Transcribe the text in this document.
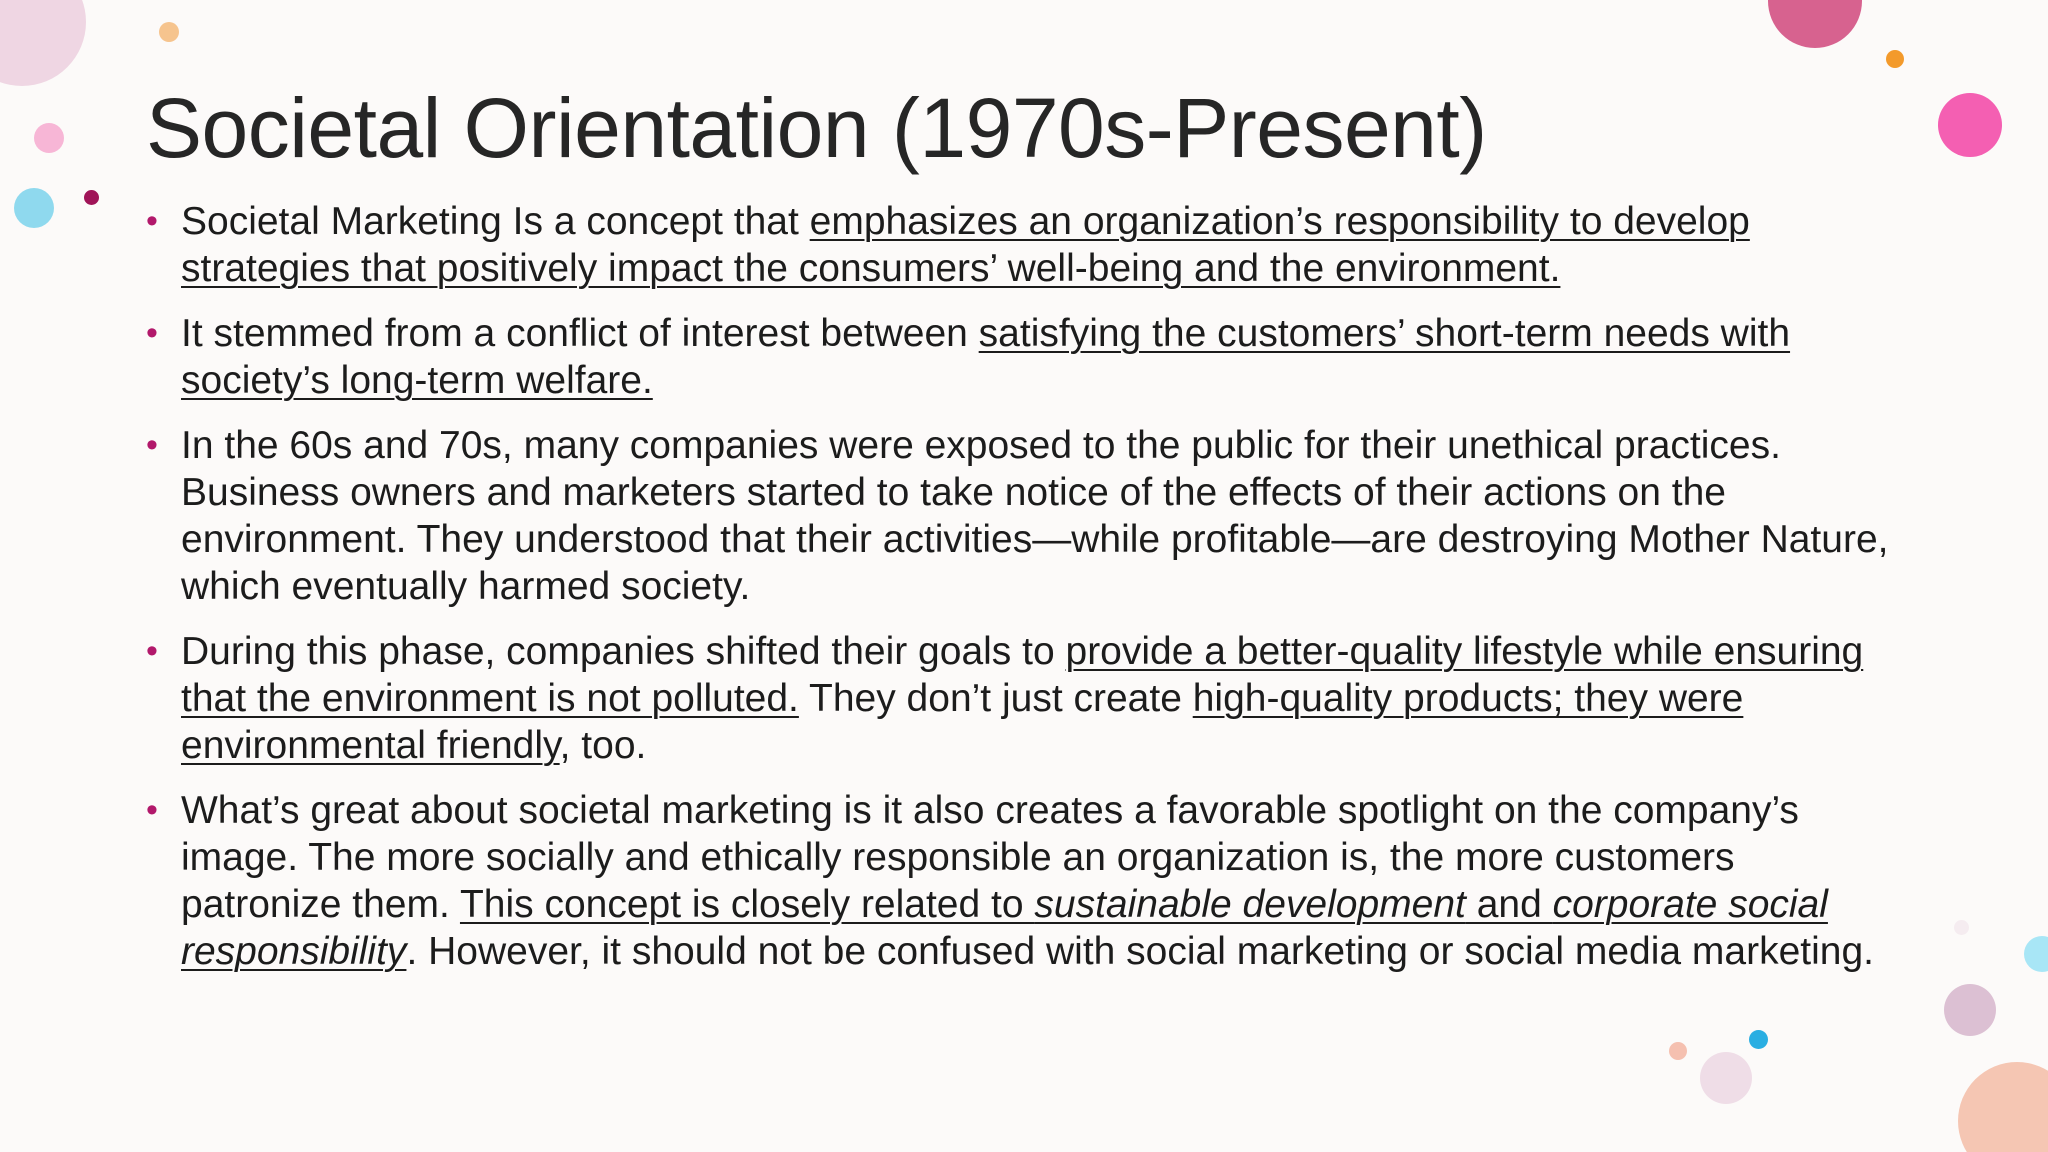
Societal Orientation (1970s-Present)
• Societal Marketing Is a concept that emphasizes an organization’s responsibility to develop strategies that positively impact the consumers’ well-being and the environment.
• It stemmed from a conflict of interest between satisfying the customers’ short-term needs with society’s long-term welfare.
• In the 60s and 70s, many companies were exposed to the public for their unethical practices. Business owners and marketers started to take notice of the effects of their actions on the environment. They understood that their activities—while profitable—are destroying Mother Nature, which eventually harmed society.
• During this phase, companies shifted their goals to provide a better-quality lifestyle while ensuring that the environment is not polluted. They don’t just create high-quality products; they were environmental friendly, too.
• What’s great about societal marketing is it also creates a favorable spotlight on the company’s image. The more socially and ethically responsible an organization is, the more customers patronize them. This concept is closely related to sustainable development and corporate social responsibility. However, it should not be confused with social marketing or social media marketing.
